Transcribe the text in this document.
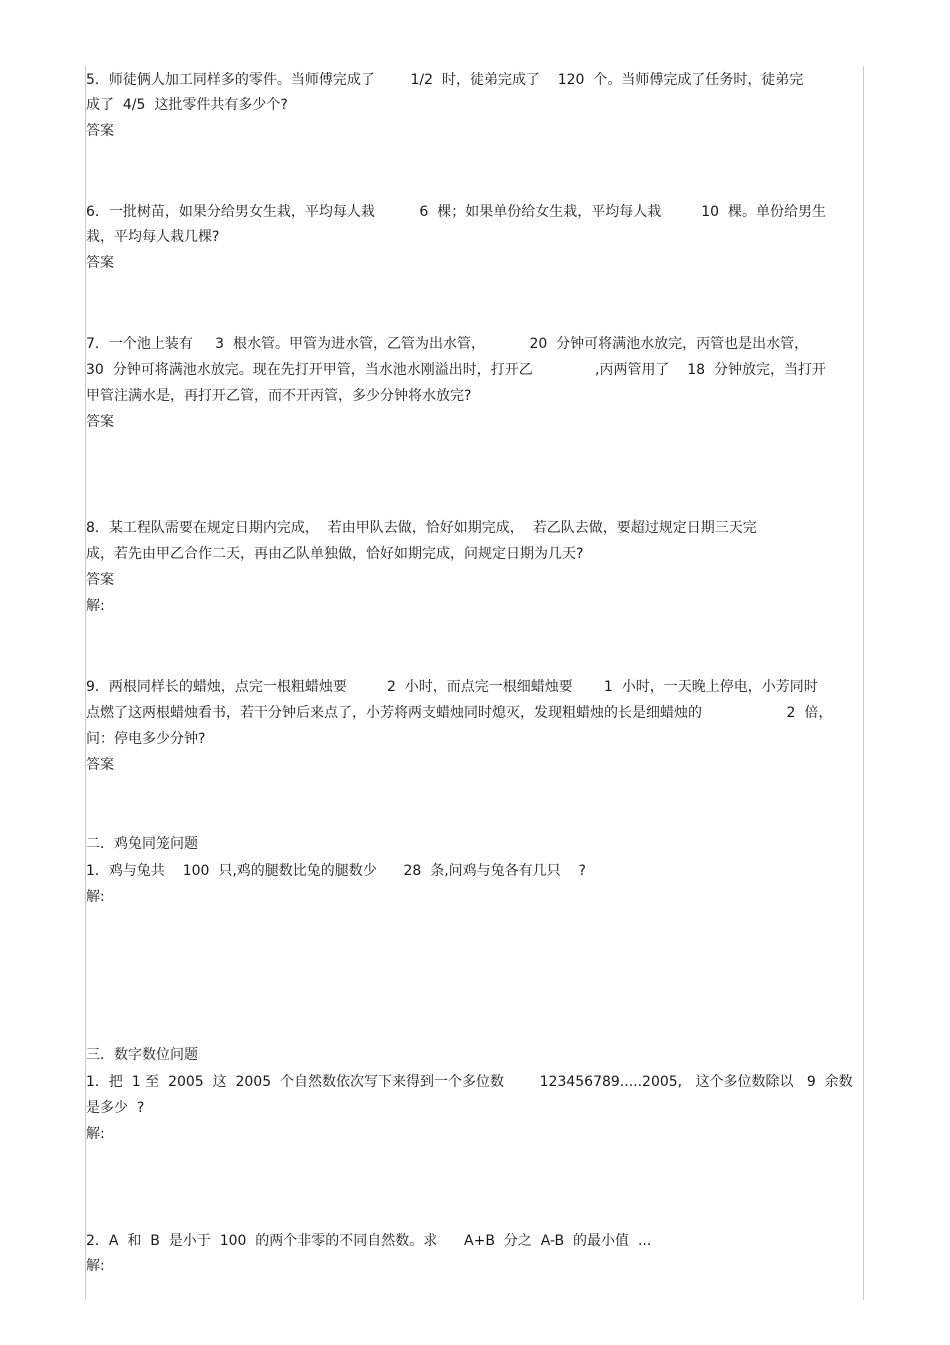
5．师徒俩人加工同样多的零件。当师傅完成了        1/2  时，徒弟完成了    120  个。当师傅完成了任务时，徒弟完
成了  4/5  这批零件共有多少个?
答案
6．一批树苗，如果分给男女生栽，平均每人栽          6  棵；如果单份给女生栽，平均每人栽         10  棵。单份给男生
栽，平均每人栽几棵?
答案
7．一个池上装有     3  根水管。甲管为进水管，乙管为出水管，          20  分钟可将满池水放完，丙管也是出水管，
30  分钟可将满池水放完。现在先打开甲管，当水池水刚溢出时，打开乙              ,丙两管用了    18  分钟放完，当打开
甲管注满水是，再打开乙管，而不开丙管，多少分钟将水放完?
答案
8．某工程队需要在规定日期内完成，  若由甲队去做，恰好如期完成，  若乙队去做，要超过规定日期三天完
成，若先由甲乙合作二天，再由乙队单独做，恰好如期完成，问规定日期为几天?
答案
解:
9．两根同样长的蜡烛，点完一根粗蜡烛要         2  小时，而点完一根细蜡烛要       1  小时，一天晚上停电，小芳同时
点燃了这两根蜡烛看书，若干分钟后来点了，小芳将两支蜡烛同时熄灭，发现粗蜡烛的长是细蜡烛的                   2  倍，
问：停电多少分钟?
答案
二．鸡兔同笼问题
1．鸡与兔共    100  只,鸡的腿数比兔的腿数少      28  条,问鸡与兔各有几只    ?
解:
三．数字数位问题
1．把  1 至  2005  这  2005  个自然数依次写下来得到一个多位数        123456789.....2005,   这个多位数除以   9  余数
是多少  ?
解:
2．A  和  B  是小于  100  的两个非零的不同自然数。求      A+B  分之  A-B  的最小值  ...
解:
